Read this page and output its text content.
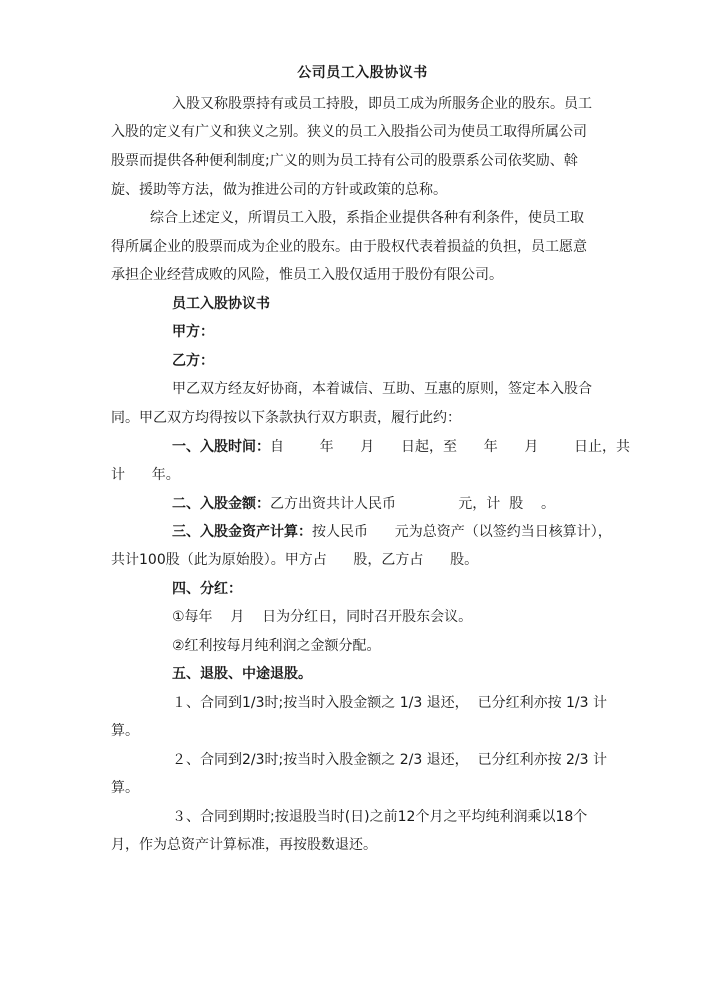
公司员工入股协议书
入股又称股票持有或员工持股，即员工成为所服务企业的股东。员工
入股的定义有广义和狭义之别。狭义的员工入股指公司为使员工取得所属公司
股票而提供各种便利制度;广义的则为员工持有公司的股票系公司依奖励、斡
旋、援助等方法，做为推进公司的方针或政策的总称。
综合上述定义，所谓员工入股，系指企业提供各种有利条件，使员工取
得所属企业的股票而成为企业的股东。由于股权代表着损益的负担，员工愿意
承担企业经营成败的风险，惟员工入股仅适用于股份有限公司。
员工入股协议书
甲方：
乙方：
甲乙双方经友好协商，本着诚信、互助、互惠的原则，签定本入股合
同。甲乙双方均得按以下条款执行双方职责，履行此约：
一、入股时间：自        年      月      日起，至      年      月        日止，共
计      年。
二、入股金额：乙方出资共计人民币              元，计  股    。
三、入股金资产计算：按人民币      元为总资产（以签约当日核算计），
共计100股（此为原始股）。甲方占      股，乙方占      股。
四、分红：
①每年    月    日为分红日，同时召开股东会议。
②红利按每月纯利润之金额分配。
五、退股、中途退股。
１、合同到1/3时;按当时入股金额之 1/3 退还，  已分红利亦按 1/3 计
算。
２、合同到2/3时;按当时入股金额之 2/3 退还，  已分红利亦按 2/3 计
算。
３、合同到期时;按退股当时(日)之前12个月之平均纯利润乘以18个
月，作为总资产计算标准，再按股数退还。
